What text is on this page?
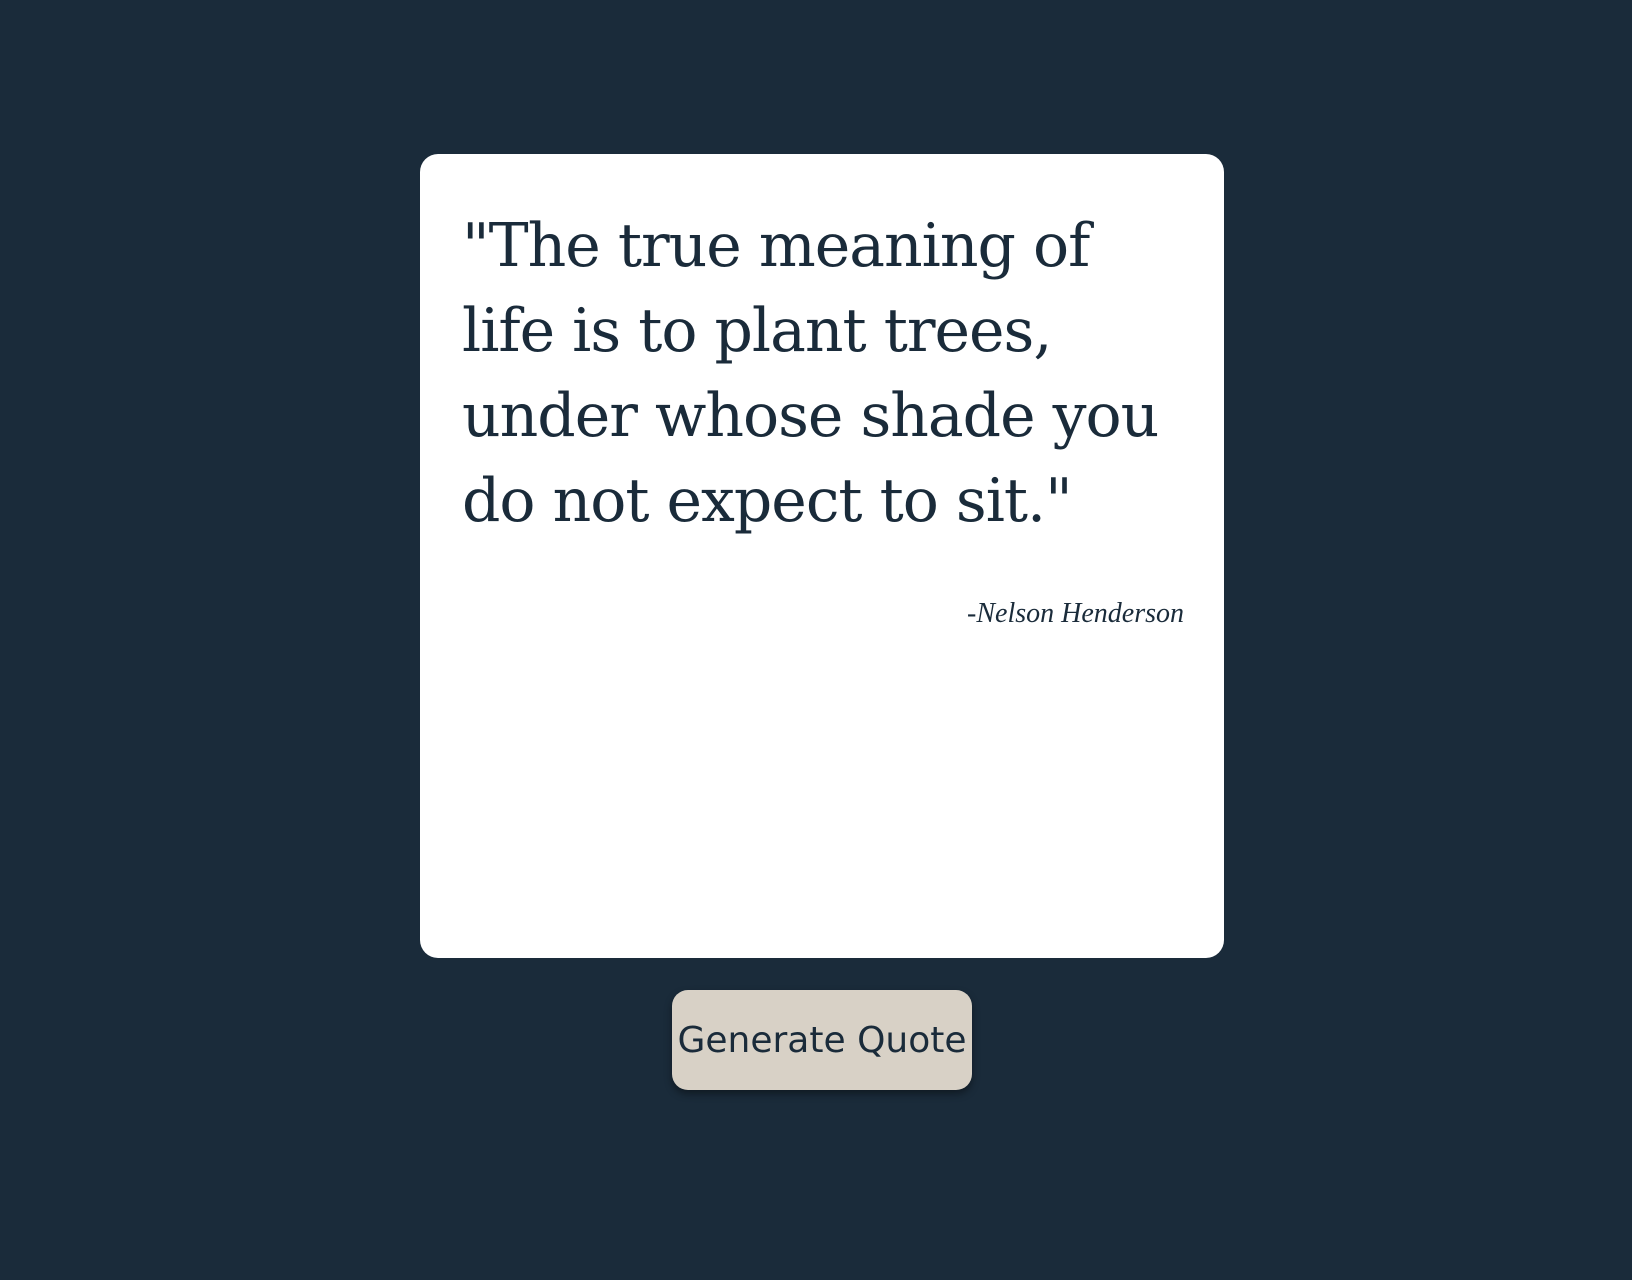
"The true meaning of life is to plant trees, under whose shade you do not expect to sit."

-Nelson Henderson

Generate Quote
